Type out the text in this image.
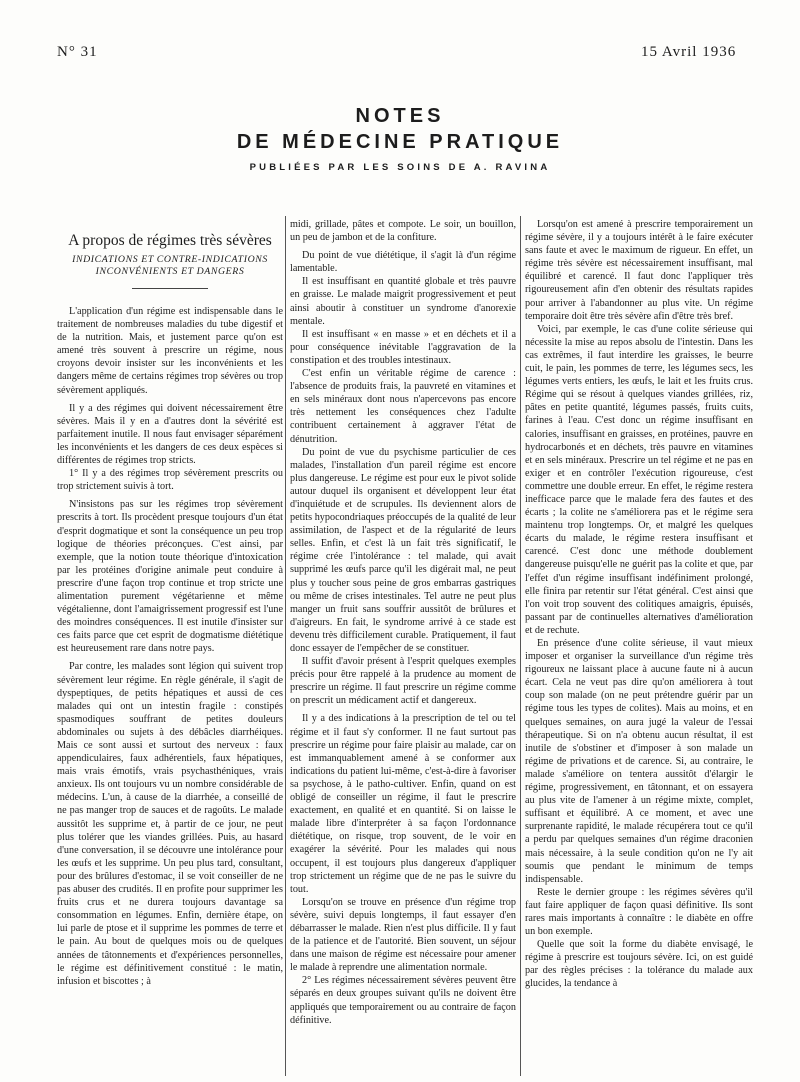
N° 31	15 Avril 1936
NOTES
DE MÉDECINE PRATIQUE
PUBLIÉES PAR LES SOINS DE A. RAVINA
A propos de régimes très sévères
INDICATIONS ET CONTRE-INDICATIONS
INCONVÉNIENTS ET DANGERS

L'application d'un régime est indispensable dans le traitement de nombreuses maladies du tube digestif et de la nutrition. Mais, et justement parce qu'on est amené très souvent à prescrire un régime, nous croyons devoir insister sur les inconvénients et les dangers même de certains régimes trop sévères ou trop sévèrement appliqués.

Il y a des régimes qui doivent nécessairement être sévères. Mais il y en a d'autres dont la sévérité est parfaitement inutile. Il nous faut envisager séparément les inconvénients et les dangers de ces deux espèces si différentes de régimes trop stricts.

1° Il y a des régimes trop sévèrement prescrits ou trop strictement suivis à tort.

N'insistons pas sur les régimes trop sévèrement prescrits à tort. Ils procèdent presque toujours d'un état d'esprit dogmatique et sont la conséquence un peu trop logique de théories préconçues. C'est ainsi, par exemple, que la notion toute théorique d'intoxication par les protéines d'origine animale peut conduire à prescrire d'une façon trop continue et trop stricte une alimentation purement végétarienne et même végétalienne, dont l'amaigrissement progressif est l'une des moindres conséquences. Il est inutile d'insister sur ces faits parce que cet esprit de dogmatisme diététique est heureusement rare dans notre pays.

Par contre, les malades sont légion qui suivent trop sévèrement leur régime. En règle générale, il s'agit de dyspeptiques, de petits hépatiques et aussi de ces malades qui ont un intestin fragile : constipés spasmodiques souffrant de petites douleurs abdominales ou sujets à des débâcles diarrhéiques. Mais ce sont aussi et surtout des nerveux : faux appendiculaires, faux adhérentiels, faux hépatiques, mais vrais émotifs, vrais psychasthéniques, vrais anxieux. Ils ont toujours vu un nombre considérable de médecins. L'un, à cause de la diarrhée, a conseillé de ne pas manger trop de sauces et de ragoûts. Le malade aussitôt les supprime et, à partir de ce jour, ne peut plus tolérer que les viandes grillées. Puis, au hasard d'une conversation, il se découvre une intolérance pour les œufs et les supprime. Un peu plus tard, consultant, pour des brûlures d'estomac, il se voit conseiller de ne pas abuser des crudités. Il en profite pour supprimer les fruits crus et ne durera toujours davantage sa consommation en légumes. Enfin, dernière étape, on lui parle de ptose et il supprime les pommes de terre et le pain. Au bout de quelques mois ou de quelques années de tâtonnements et d'expériences personnelles, le régime est définitivement constitué : le matin, infusion et biscottes ; à

midi, grillade, pâtes et compote. Le soir, un bouillon, un peu de jambon et de la confiture.

Du point de vue diététique, il s'agit là d'un régime lamentable.

Il est insuffisant en quantité globale et très pauvre en graisse. Le malade maigrit progressivement et peut ainsi aboutir à constituer un syndrome d'anorexie mentale.

Il est insuffisant « en masse » et en déchets et il a pour conséquence inévitable l'aggravation de la constipation et des troubles intestinaux.

C'est enfin un véritable régime de carence : l'absence de produits frais, la pauvreté en vitamines et en sels minéraux dont nous n'apercevons pas encore très nettement les conséquences chez l'adulte contribuent certainement à aggraver l'état de dénutrition.

Du point de vue du psychisme particulier de ces malades, l'installation d'un pareil régime est encore plus dangereuse. Le régime est pour eux le pivot solide autour duquel ils organisent et développent leur état d'inquiétude et de scrupules. Ils deviennent alors de petits hypocondriaques préoccupés de la qualité de leur assimilation, de l'aspect et de la régularité de leurs selles. Enfin, et c'est là un fait très significatif, le régime crée l'intolérance : tel malade, qui avait supprimé les œufs parce qu'il les digérait mal, ne peut plus y toucher sous peine de gros embarras gastriques ou même de crises intestinales. Tel autre ne peut plus manger un fruit sans souffrir aussitôt de brûlures et d'aigreurs. En fait, le syndrome arrivé à ce stade est devenu très difficilement curable. Pratiquement, il faut donc essayer de l'empêcher de se constituer.

Il suffit d'avoir présent à l'esprit quelques exemples précis pour être rappelé à la prudence au moment de prescrire un régime. Il faut prescrire un régime comme on prescrit un médicament actif et dangereux.

Il y a des indications à la prescription de tel ou tel régime et il faut s'y conformer. Il ne faut surtout pas prescrire un régime pour faire plaisir au malade, car on est immanquablement amené à se conformer aux indications du patient lui-même, c'est-à-dire à favoriser sa psychose, à le patho-cultiver. Enfin, quand on est obligé de conseiller un régime, il faut le prescrire exactement, en qualité et en quantité. Si on laisse le malade libre d'interpréter à sa façon l'ordonnance diététique, on risque, trop souvent, de le voir en exagérer la sévérité. Pour les malades qui nous occupent, il est toujours plus dangereux d'appliquer trop strictement un régime que de ne pas le suivre du tout.

Lorsqu'on se trouve en présence d'un régime trop sévère, suivi depuis longtemps, il faut essayer d'en débarrasser le malade. Rien n'est plus difficile. Il y faut de la patience et de l'autorité. Bien souvent, un séjour dans une maison de régime est nécessaire pour amener le malade à reprendre une alimentation normale.

2° Les régimes nécessairement sévères peuvent être séparés en deux groupes suivant qu'ils ne doivent être appliqués que temporairement ou au contraire de façon définitive.

Lorsqu'on est amené à prescrire temporairement un régime sévère, il y a toujours intérêt à le faire exécuter sans faute et avec le maximum de rigueur. En effet, un régime très sévère est nécessairement insuffisant, mal équilibré et carencé. Il faut donc l'appliquer très rigoureusement afin d'en obtenir des résultats rapides pour arriver à l'abandonner au plus vite. Un régime temporaire doit être très sévère afin d'être très bref.

Voici, par exemple, le cas d'une colite sérieuse qui nécessite la mise au repos absolu de l'intestin. Dans les cas extrêmes, il faut interdire les graisses, le beurre cuit, le pain, les pommes de terre, les légumes secs, les légumes verts entiers, les œufs, le lait et les fruits crus. Régime qui se résout à quelques viandes grillées, riz, pâtes en petite quantité, légumes passés, fruits cuits, farines à l'eau. C'est donc un régime insuffisant en calories, insuffisant en graisses, en protéines, pauvre en hydrocarbonés et en déchets, très pauvre en vitamines et en sels minéraux. Prescrire un tel régime et ne pas en exiger et en contrôler l'exécution rigoureuse, c'est commettre une double erreur. En effet, le régime restera inefficace parce que le malade fera des fautes et des écarts ; la colite ne s'améliorera pas et le régime sera maintenu trop longtemps. Or, et malgré les quelques écarts du malade, le régime restera insuffisant et carencé. C'est donc une méthode doublement dangereuse puisqu'elle ne guérit pas la colite et que, par l'effet d'un régime insuffisant indéfiniment prolongé, elle finira par retentir sur l'état général. C'est ainsi que l'on voit trop souvent des colitiques amaigris, épuisés, passant par de continuelles alternatives d'amélioration et de rechute.

En présence d'une colite sérieuse, il vaut mieux imposer et organiser la surveillance d'un régime très rigoureux ne laissant place à aucune faute ni à aucun écart. Cela ne veut pas dire qu'on améliorera à tout coup son malade (on ne peut prétendre guérir par un régime tous les types de colites). Mais au moins, et en quelques semaines, on aura jugé la valeur de l'essai thérapeutique. Si on n'a obtenu aucun résultat, il est inutile de s'obstiner et d'imposer à son malade un régime de privations et de carence. Si, au contraire, le malade s'améliore on tentera aussitôt d'élargir le régime, progressivement, en tâtonnant, et on essayera au plus vite de l'amener à un régime mixte, complet, suffisant et équilibré. A ce moment, et avec une surprenante rapidité, le malade récupérera tout ce qu'il a perdu par quelques semaines d'un régime draconien mais nécessaire, à la seule condition qu'on ne l'y ait soumis que pendant le minimum de temps indispensable.

Reste le dernier groupe : les régimes sévères qu'il faut faire appliquer de façon quasi définitive. Ils sont rares mais importants à connaître : le diabète en offre un bon exemple.

Quelle que soit la forme du diabète envisagé, le régime à prescrire est toujours sévère. Ici, on est guidé par des règles précises : la tolérance du malade aux glucides, la tendance à
